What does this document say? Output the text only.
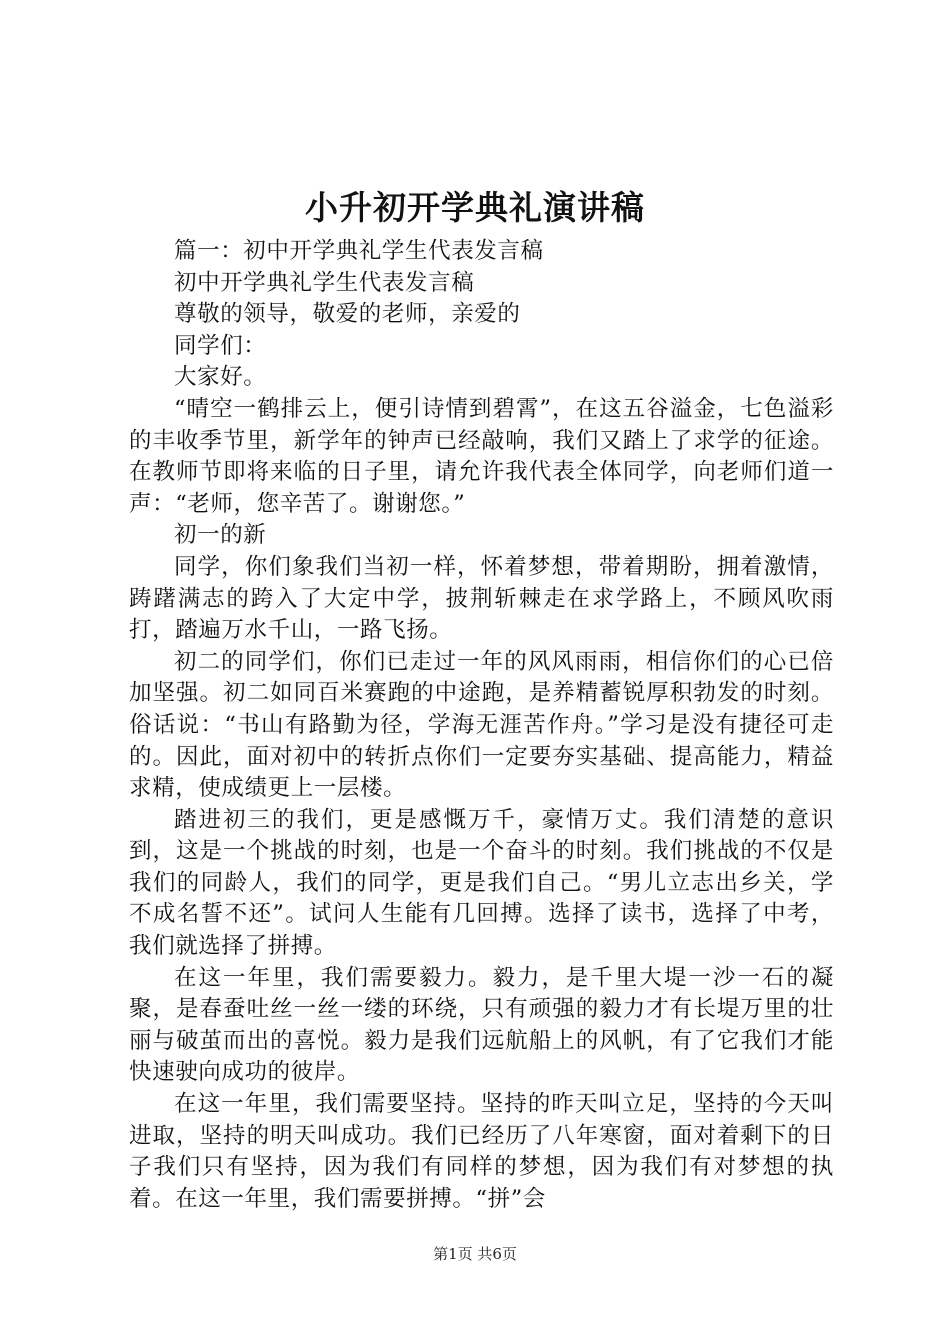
小升初开学典礼演讲稿

篇一：初中开学典礼学生代表发言稿

初中开学典礼学生代表发言稿

尊敬的领导，敬爱的老师，亲爱的

同学们：

大家好。

“晴空一鹤排云上，便引诗情到碧霄”，在这五谷溢金，七色溢彩的丰收季节里，新学年的钟声已经敲响，我们又踏上了求学的征途。在教师节即将来临的日子里，请允许我代表全体同学，向老师们道一声：“老师，您辛苦了。谢谢您。”

初一的新

同学，你们象我们当初一样，怀着梦想，带着期盼，拥着激情，踌躇满志的跨入了大定中学，披荆斩棘走在求学路上，不顾风吹雨打，踏遍万水千山，一路飞扬。

初二的同学们，你们已走过一年的风风雨雨，相信你们的心已倍加坚强。初二如同百米赛跑的中途跑，是养精蓄锐厚积勃发的时刻。俗话说：“书山有路勤为径，学海无涯苦作舟。”学习是没有捷径可走的。因此，面对初中的转折点你们一定要夯实基础、提高能力，精益求精，使成绩更上一层楼。

踏进初三的我们，更是感慨万千，豪情万丈。我们清楚的意识到，这是一个挑战的时刻，也是一个奋斗的时刻。我们挑战的不仅是我们的同龄人，我们的同学，更是我们自己。“男儿立志出乡关，学不成名誓不还”。试问人生能有几回搏。选择了读书，选择了中考，我们就选择了拼搏。

在这一年里，我们需要毅力。毅力，是千里大堤一沙一石的凝聚，是春蚕吐丝一丝一缕的环绕，只有顽强的毅力才有长堤万里的壮丽与破茧而出的喜悦。毅力是我们远航船上的风帆，有了它我们才能快速驶向成功的彼岸。

在这一年里，我们需要坚持。坚持的昨天叫立足，坚持的今天叫进取，坚持的明天叫成功。我们已经历了八年寒窗，面对着剩下的日子我们只有坚持，因为我们有同样的梦想，因为我们有对梦想的执着。在这一年里，我们需要拼搏。“拼”会

第1页 共6页
